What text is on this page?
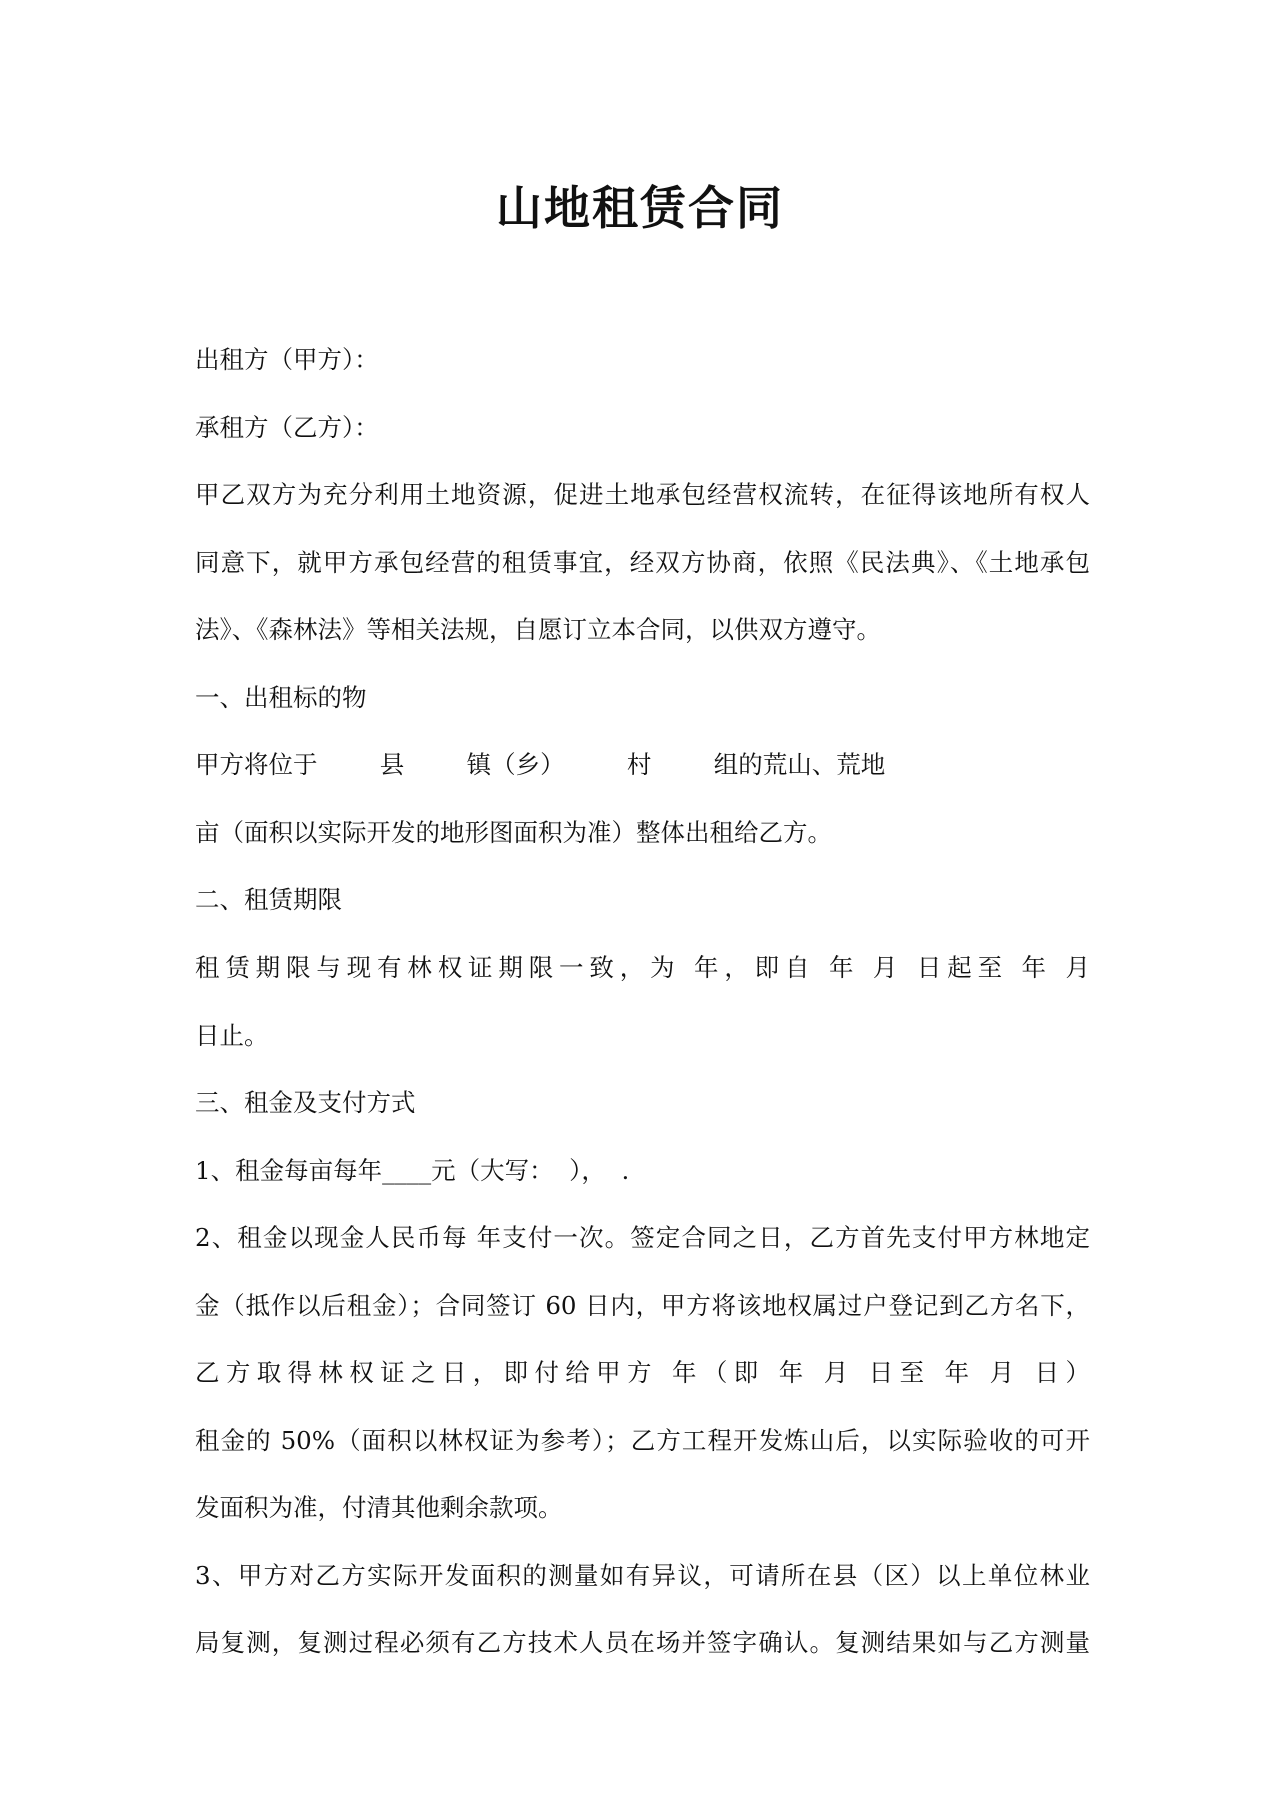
山地租赁合同
出租方（甲方）：
承租方（乙方）：
甲乙双方为充分利用土地资源，促进土地承包经营权流转，在征得该地所有权人
同意下，就甲方承包经营的租赁事宜，经双方协商，依照《民法典》、《土地承包
法》、《森林法》等相关法规，自愿订立本合同，以供双方遵守。
一、出租标的物
甲方将位于        县        镇（乡）        村        组的荒山、荒地
亩（面积以实际开发的地形图面积为准）整体出租给乙方。
二、租赁期限
租赁期限与现有林权证期限一致，为 年，即自 年 月 日起至 年 月
日止。
三、租金及支付方式
1、租金每亩每年____元（大写：  ），  .
2、租金以现金人民币每 年支付一次。签定合同之日，乙方首先支付甲方林地定
金（抵作以后租金）；合同签订 60 日内，甲方将该地权属过户登记到乙方名下，
乙方取得林权证之日，即付给甲方 年（即 年 月 日至 年 月 日）
租金的 50%（面积以林权证为参考）；乙方工程开发炼山后，以实际验收的可开
发面积为准，付清其他剩余款项。
3、甲方对乙方实际开发面积的测量如有异议，可请所在县（区）以上单位林业
局复测，复测过程必须有乙方技术人员在场并签字确认。复测结果如与乙方测量
